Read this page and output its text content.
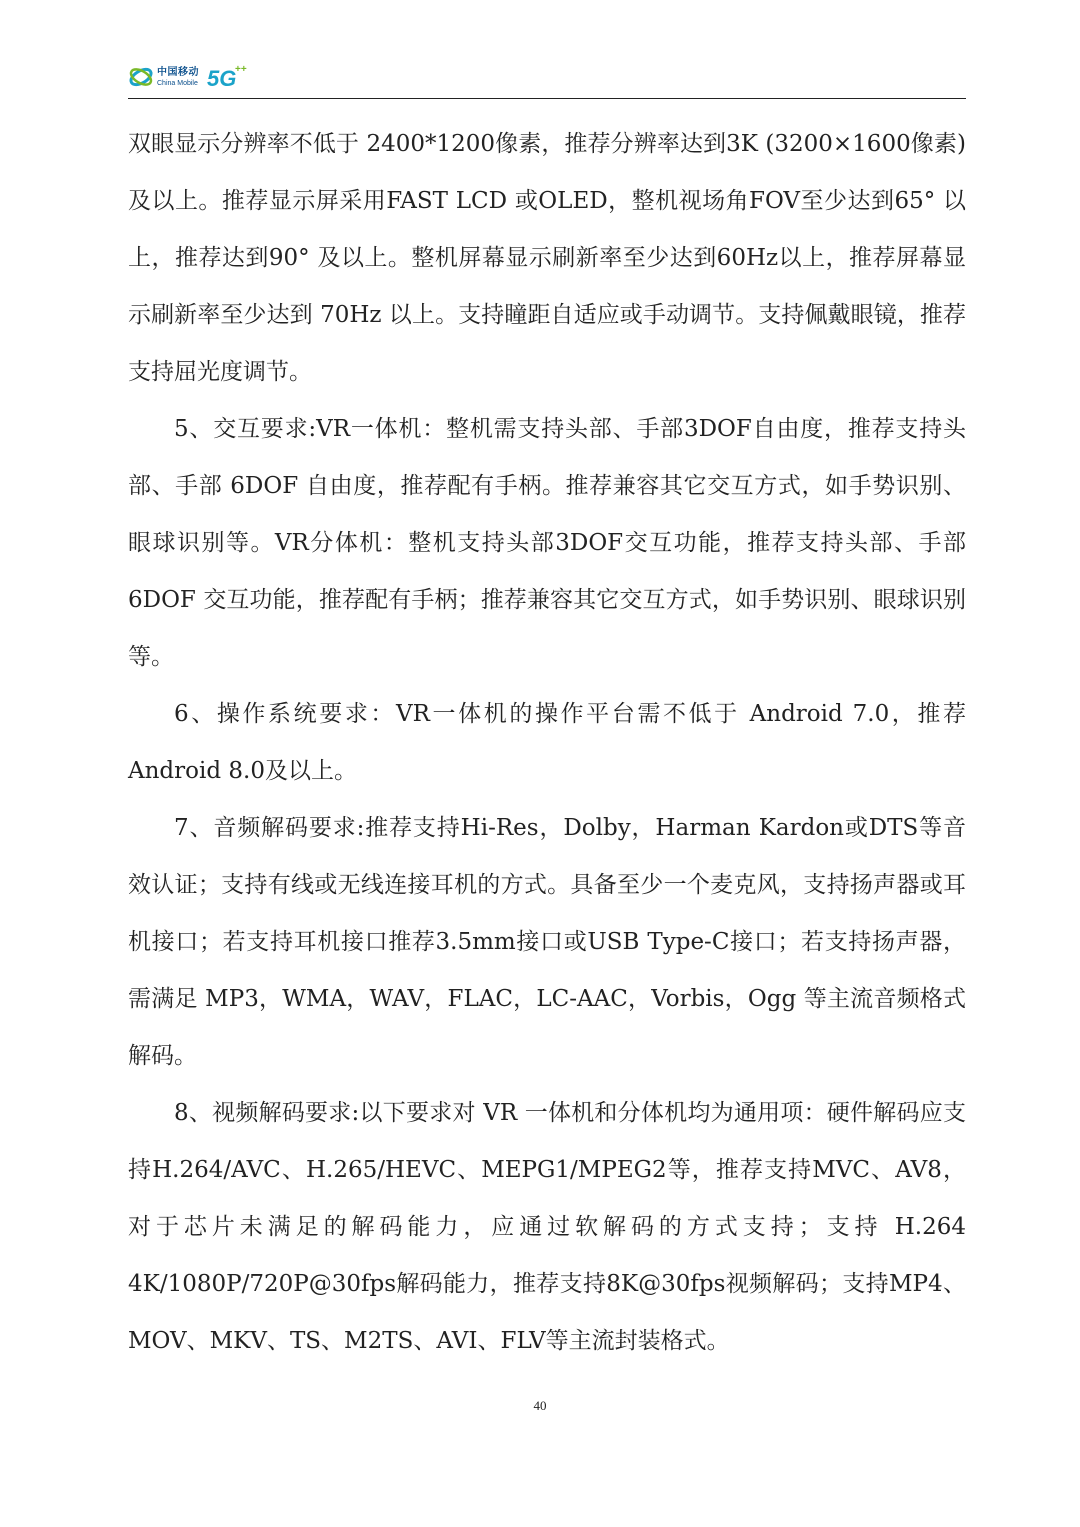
中国移动
China Mobile 5G
++

双眼显示分辨率不低于 2400*1200像素，推荐分辨率达到3K (3200×1600像素)及以上。推荐显示屏采用FAST LCD 或OLED，整机视场角FOV至少达到65° 以上，推荐达到90° 及以上。整机屏幕显示刷新率至少达到60Hz以上，推荐屏幕显示刷新率至少达到 70Hz 以上。支持瞳距自适应或手动调节。支持佩戴眼镜，推荐支持屈光度调节。

5、交互要求:VR一体机：整机需支持头部、手部3DOF自由度，推荐支持头部、手部 6DOF 自由度，推荐配有手柄。推荐兼容其它交互方式，如手势识别、眼球识别等。VR分体机：整机支持头部3DOF交互功能，推荐支持头部、手部 6DOF 交互功能，推荐配有手柄；推荐兼容其它交互方式，如手势识别、眼球识别等。

6、操作系统要求：VR一体机的操作平台需不低于 Android 7.0，推荐 Android 8.0及以上。

7、音频解码要求:推荐支持Hi-Res，Dolby，Harman Kardon或DTS等音效认证；支持有线或无线连接耳机的方式。具备至少一个麦克风，支持扬声器或耳机接口；若支持耳机接口推荐3.5mm接口或USB Type-C接口；若支持扬声器，需满足 MP3，WMA，WAV，FLAC，LC-AAC，Vorbis，Ogg 等主流音频格式解码。

8、视频解码要求:以下要求对 VR 一体机和分体机均为通用项：硬件解码应支持H.264/AVC、H.265/HEVC、MEPG1/MPEG2等，推荐支持MVC、AV8，对于芯片未满足的解码能力，应通过软解码的方式支持；支持 H.264 4K/1080P/720P@30fps解码能力，推荐支持8K@30fps视频解码；支持MP4、MOV、MKV、TS、M2TS、AVI、FLV等主流封装格式。

40
